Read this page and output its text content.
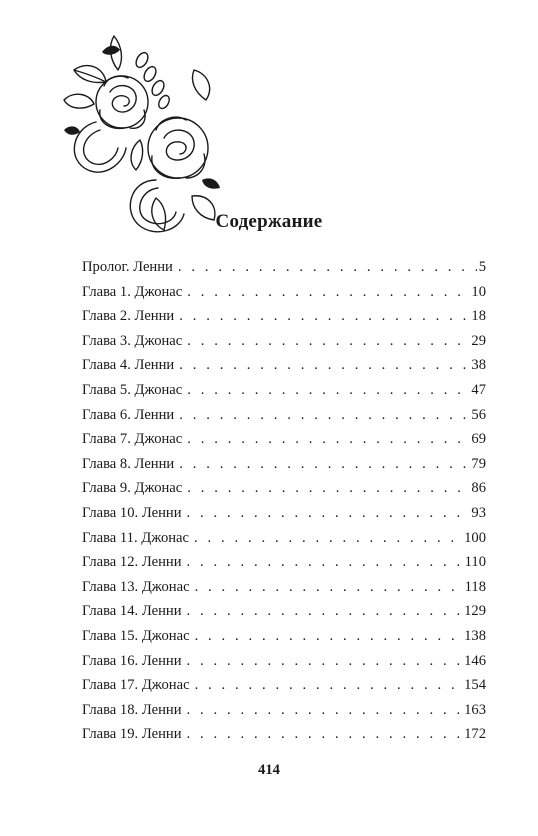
Содержание
Пролог. Ленни . . .	5
Глава 1. Джонас . . .	10
Глава 2. Ленни . . .	18
Глава 3. Джонас . . .	29
Глава 4. Ленни . . .	38
Глава 5. Джонас . . .	47
Глава 6. Ленни . . .	56
Глава 7. Джонас . . .	69
Глава 8. Ленни . . .	79
Глава 9. Джонас . . .	86
Глава 10. Ленни . . .	93
Глава 11. Джонас . . .	100
Глава 12. Ленни . . .	110
Глава 13. Джонас . . .	118
Глава 14. Ленни . . .	129
Глава 15. Джонас . . .	138
Глава 16. Ленни . . .	146
Глава 17. Джонас . . .	154
Глава 18. Ленни . . .	163
Глава 19. Ленни . . .	172
414
